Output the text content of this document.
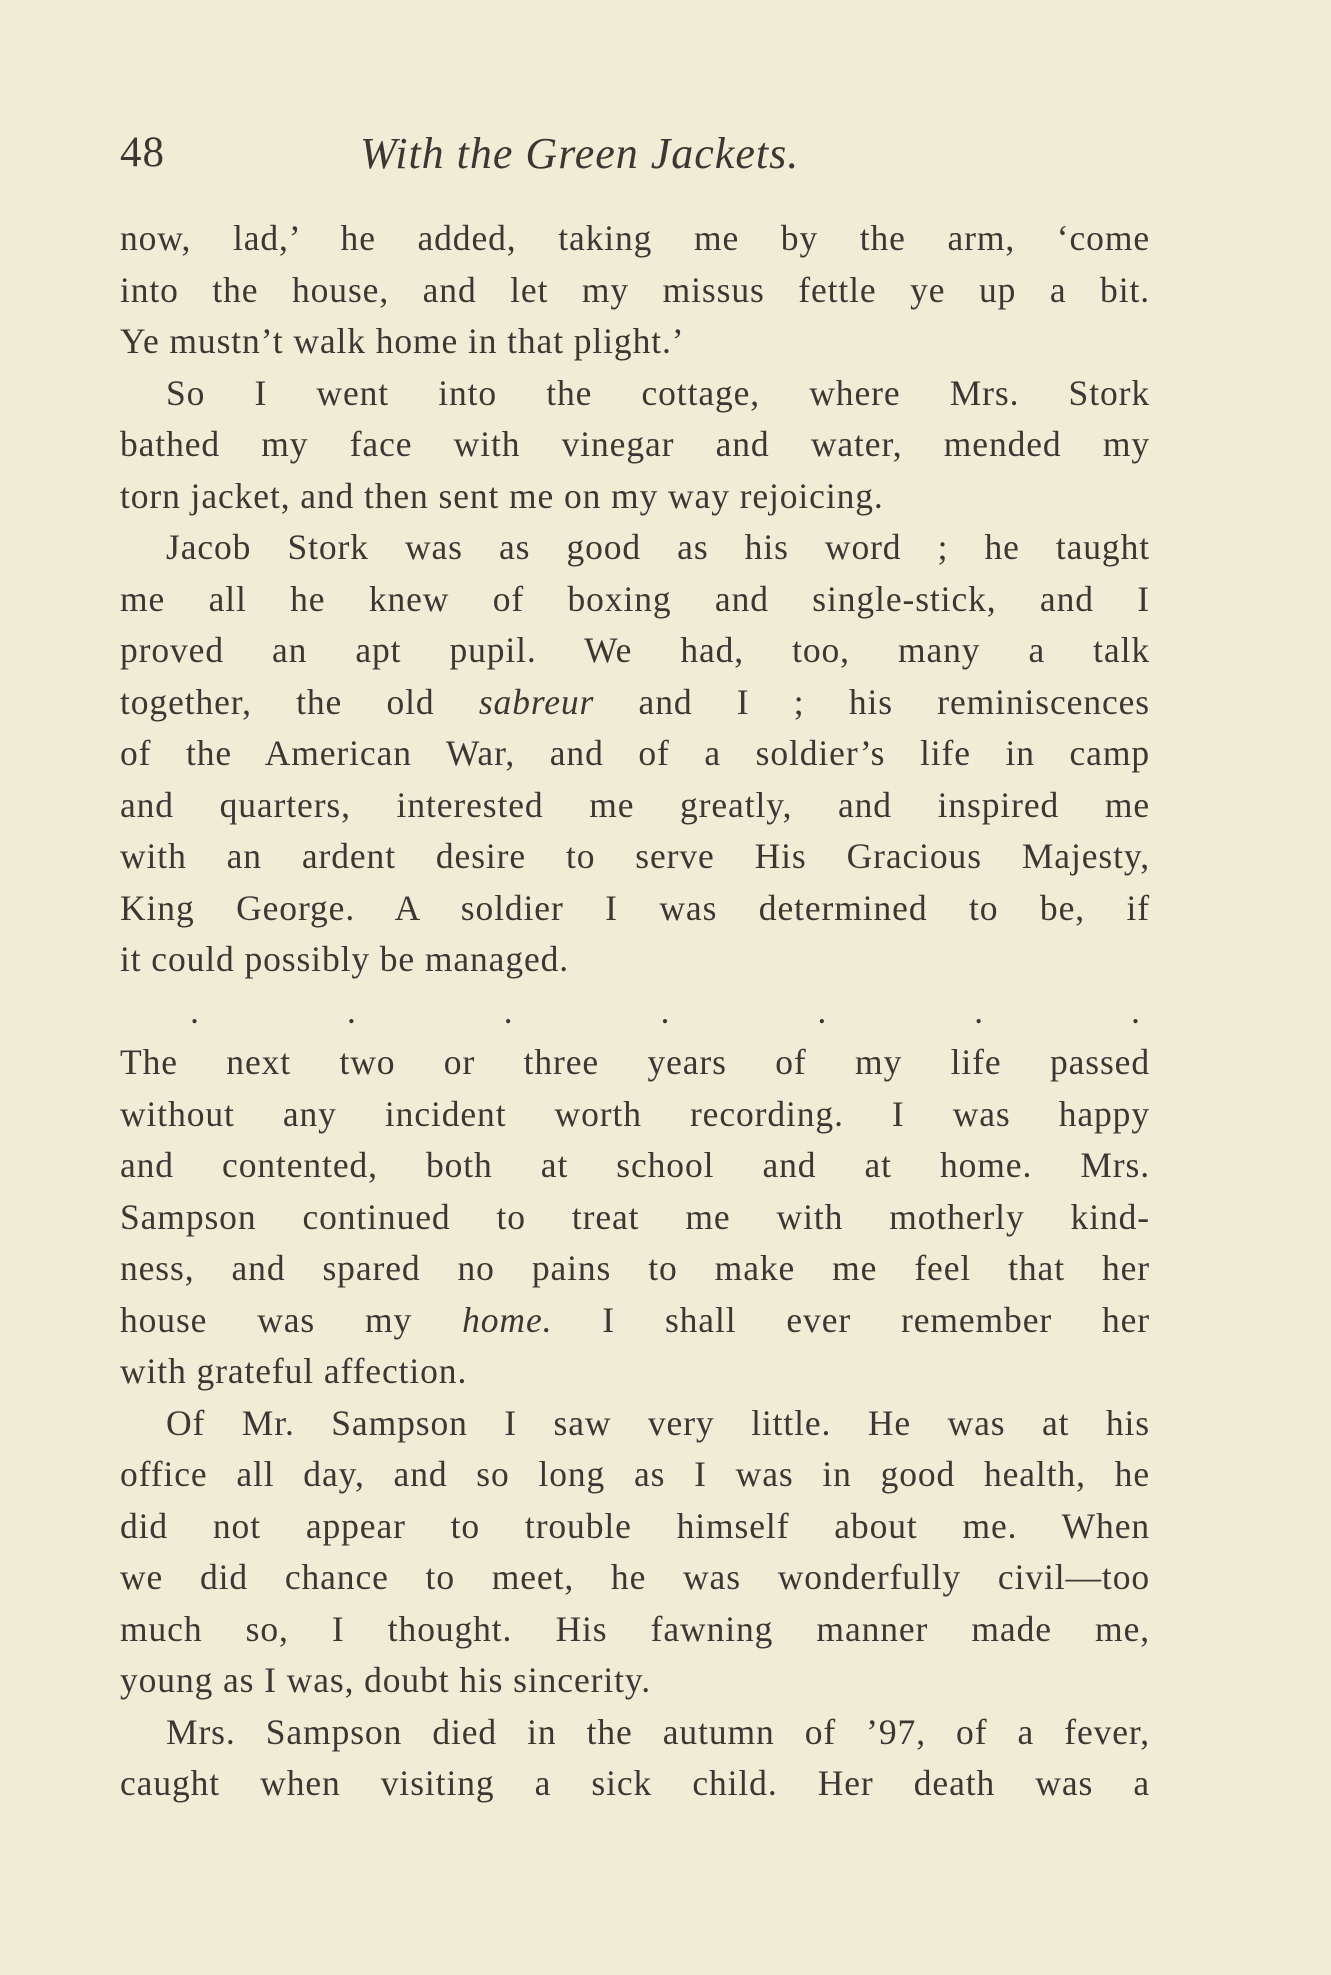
48	With the Green Jackets.
now, lad,’ he added, taking me by the arm, ‘come
into the house, and let my missus fettle ye up a bit.
Ye mustn’t walk home in that plight.’
So I went into the cottage, where Mrs. Stork
bathed my face with vinegar and water, mended my
torn jacket, and then sent me on my way rejoicing.
Jacob Stork was as good as his word ; he taught
me all he knew of boxing and single-stick, and I
proved an apt pupil. We had, too, many a talk
together, the old sabreur and I ; his reminiscences
of the American War, and of a soldier’s life in camp
and quarters, interested me greatly, and inspired me
with an ardent desire to serve His Gracious Majesty,
King George. A soldier I was determined to be, if
it could possibly be managed.
.	.	.	.	.	.	.
The next two or three years of my life passed
without any incident worth recording. I was happy
and contented, both at school and at home. Mrs.
Sampson continued to treat me with motherly kind-
ness, and spared no pains to make me feel that her
house was my home. I shall ever remember her
with grateful affection.
Of Mr. Sampson I saw very little. He was at his
office all day, and so long as I was in good health, he
did not appear to trouble himself about me. When
we did chance to meet, he was wonderfully civil—too
much so, I thought. His fawning manner made me,
young as I was, doubt his sincerity.
Mrs. Sampson died in the autumn of ’97, of a fever,
caught when visiting a sick child. Her death was a
